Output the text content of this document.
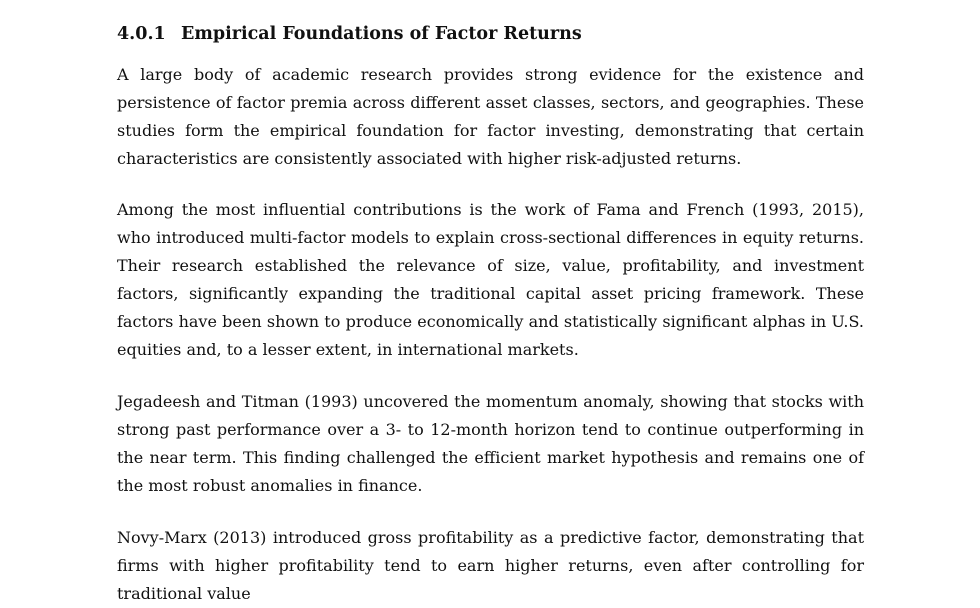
4.0.1 Empirical Foundations of Factor Returns

A large body of academic research provides strong evidence for the existence and persistence of factor premia across different asset classes, sectors, and geographies. These studies form the empirical foundation for factor investing, demonstrating that certain characteristics are consistently associated with higher risk-adjusted returns.

Among the most influential contributions is the work of Fama and French (1993, 2015), who introduced multi-factor models to explain cross-sectional differences in equity returns. Their research established the relevance of size, value, profitability, and investment factors, significantly expanding the traditional capital asset pricing framework. These factors have been shown to produce economically and statistically significant alphas in U.S. equities and, to a lesser extent, in international markets.

Jegadeesh and Titman (1993) uncovered the momentum anomaly, showing that stocks with strong past performance over a 3- to 12-month horizon tend to continue outperforming in the near term. This finding challenged the efficient market hypothesis and remains one of the most robust anomalies in finance.

Novy-Marx (2013) introduced gross profitability as a predictive factor, demonstrating that firms with higher profitability tend to earn higher returns, even after controlling for traditional value
